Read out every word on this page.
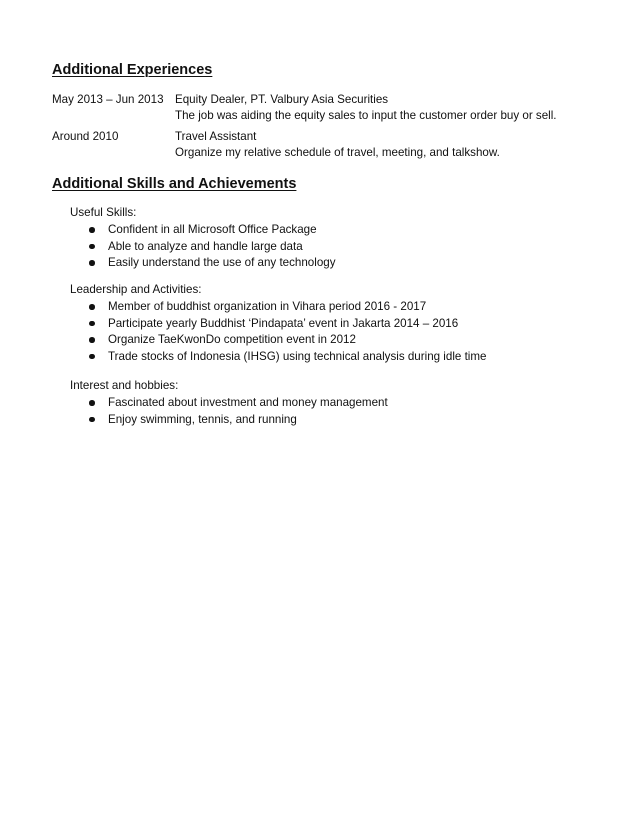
Additional Experiences
May 2013 – Jun 2013 Equity Dealer, PT. Valbury Asia Securities
The job was aiding the equity sales to input the customer order buy or sell.
Around 2010	Travel Assistant
Organize my relative schedule of travel, meeting, and talkshow.
Additional Skills and Achievements
Useful Skills:
Confident in all Microsoft Office Package
Able to analyze and handle large data
Easily understand the use of any technology
Leadership and Activities:
Member of buddhist organization in Vihara period 2016 - 2017
Participate yearly Buddhist ‘Pindapata’ event in Jakarta 2014 – 2016
Organize TaeKwonDo competition event in 2012
Trade stocks of Indonesia (IHSG) using technical analysis during idle time
Interest and hobbies:
Fascinated about investment and money management
Enjoy swimming, tennis, and running
